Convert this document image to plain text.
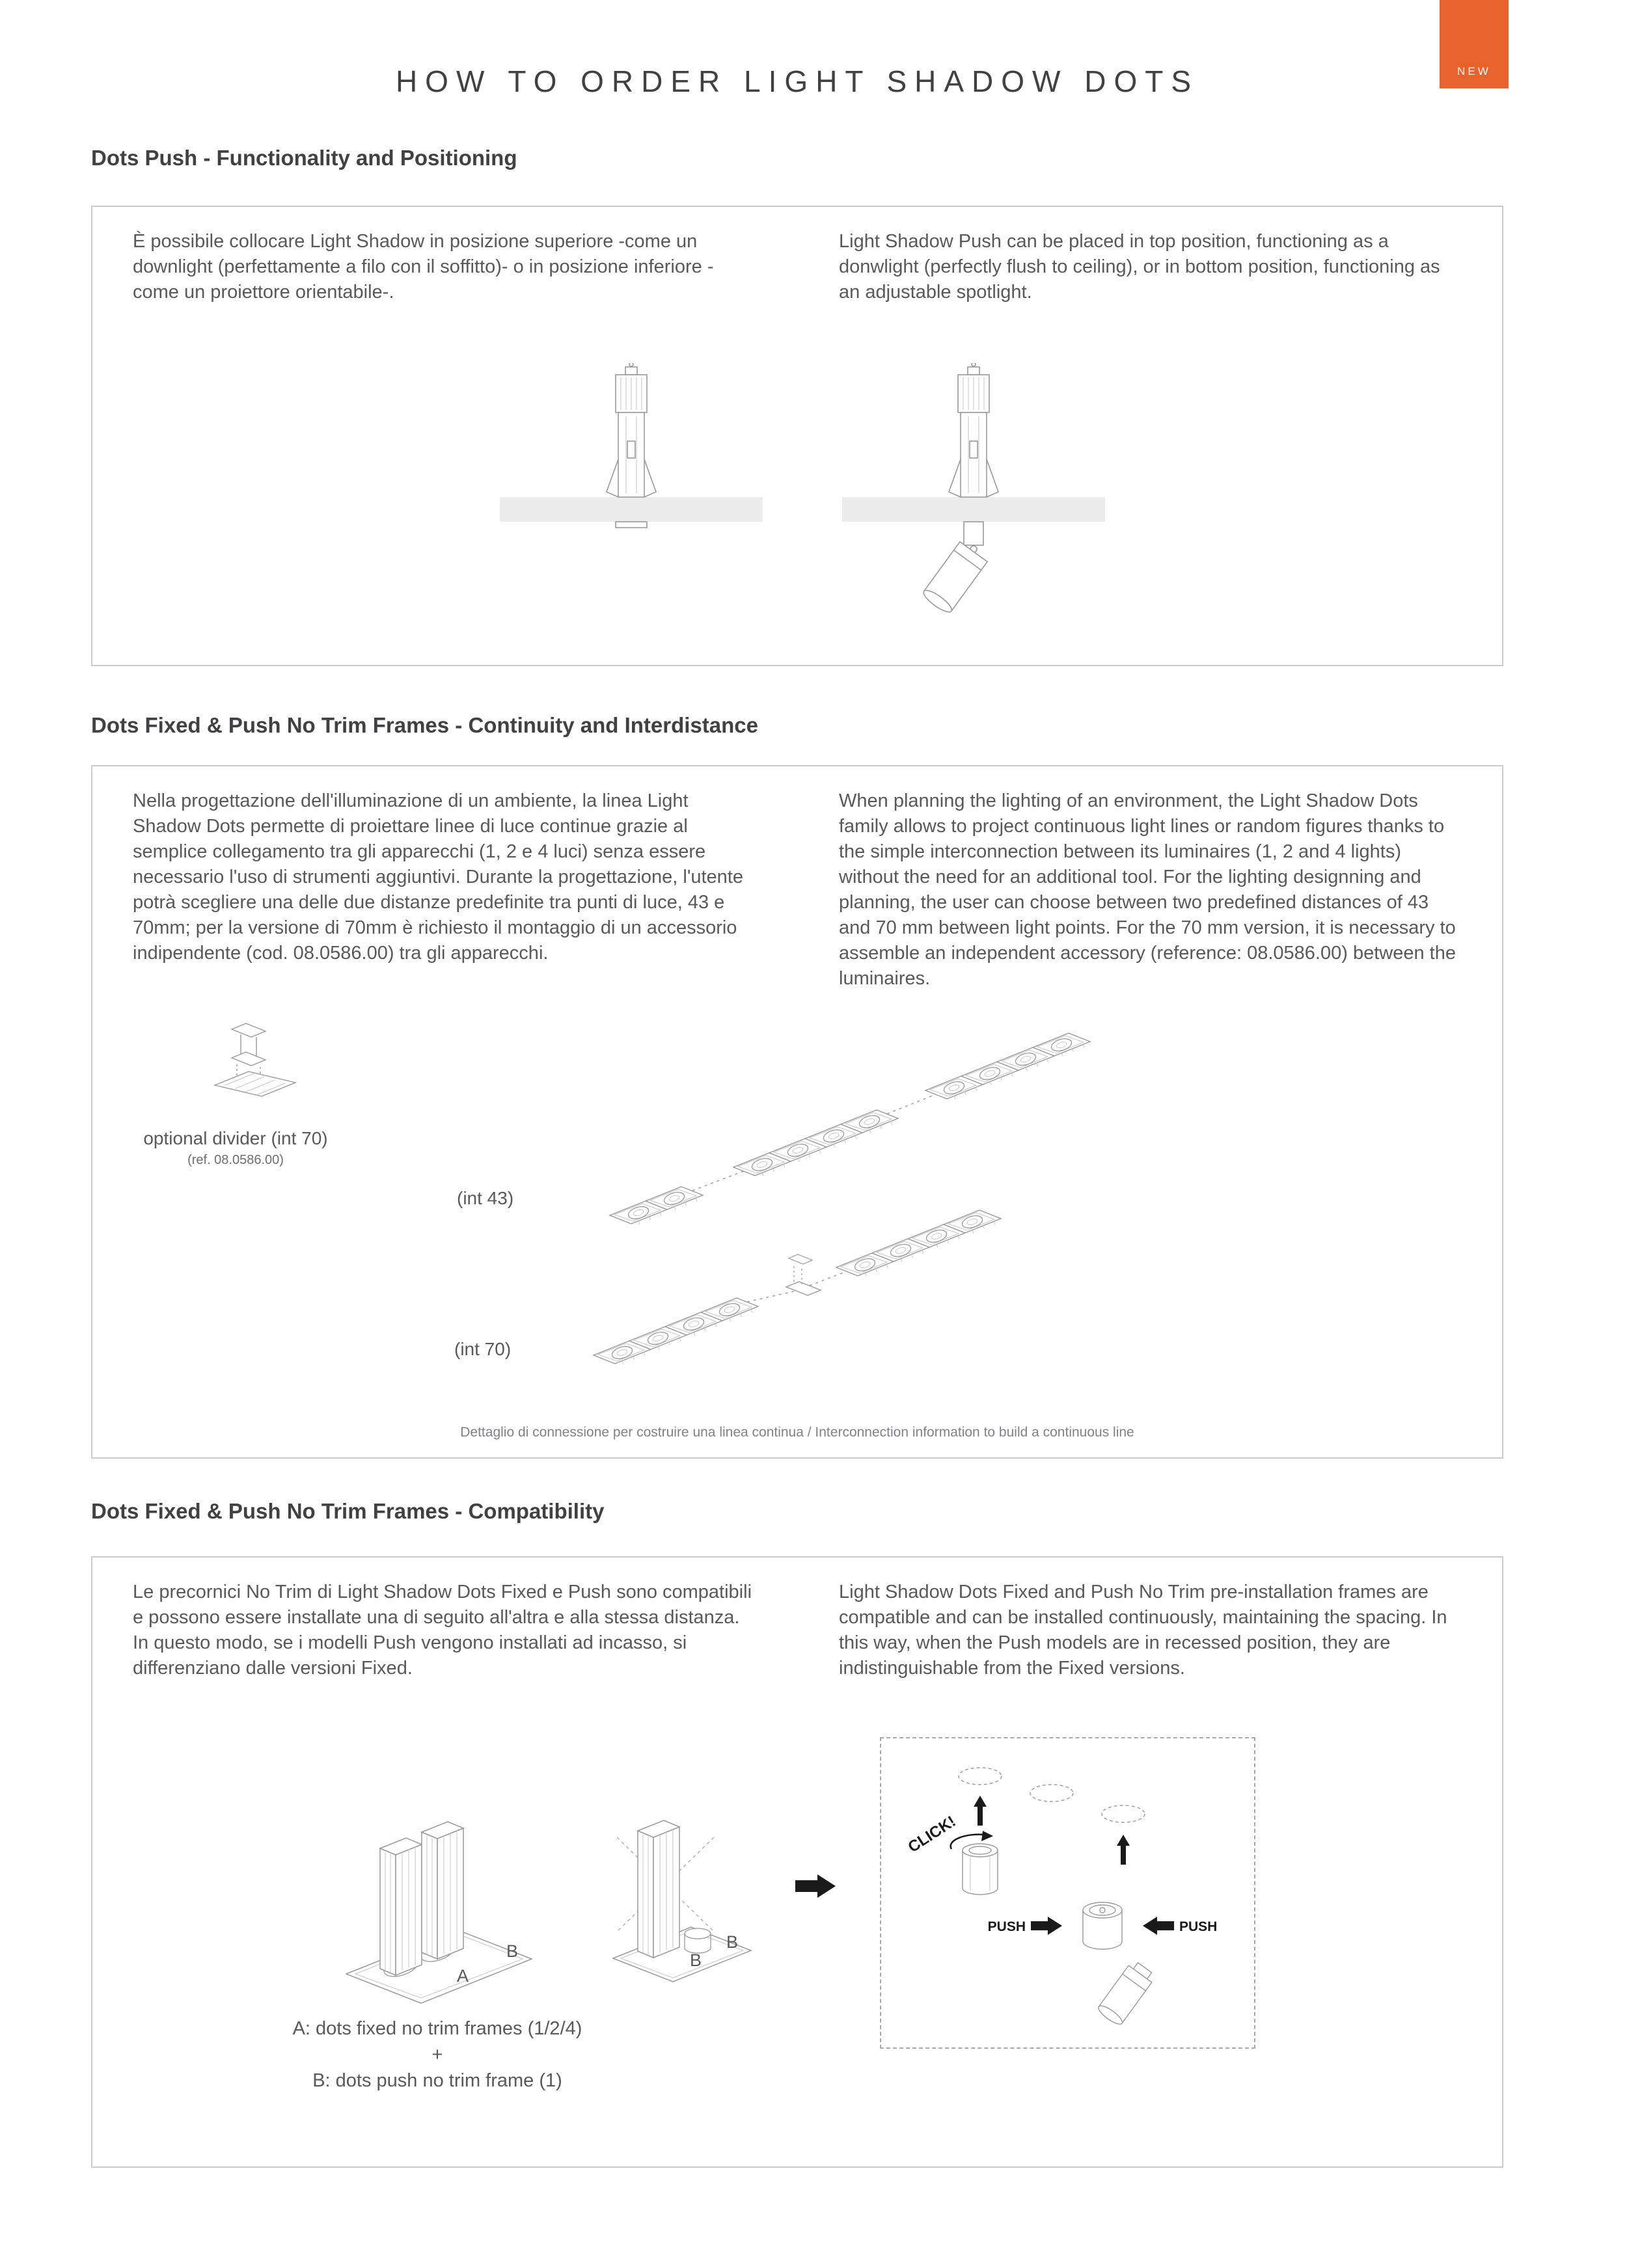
NEW
HOW TO ORDER LIGHT SHADOW DOTS
Dots Push - Functionality and Positioning

È possibile collocare Light Shadow in posizione superiore -come un downlight (perfettamente a filo con il soffitto)- o in posizione inferiore -come un proiettore orientabile-.

Light Shadow Push can be placed in top position, functioning as a donwlight (perfectly flush to ceiling), or in bottom position, functioning as an adjustable spotlight.

Dots Fixed & Push No Trim Frames - Continuity and Interdistance

Nella progettazione dell'illuminazione di un ambiente, la linea Light Shadow Dots permette di proiettare linee di luce continue grazie al semplice collegamento tra gli apparecchi (1, 2 e 4 luci) senza essere necessario l'uso di strumenti aggiuntivi. Durante la progettazione, l'utente potrà scegliere una delle due distanze predefinite tra punti di luce, 43 e 70mm; per la versione di 70mm è richiesto il montaggio di un accessorio indipendente (cod. 08.0586.00) tra gli apparecchi.

When planning the lighting of an environment, the Light Shadow Dots family allows to project continuous light lines or random figures thanks to the simple interconnection between its luminaires (1, 2 and 4 lights) without the need for an additional tool. For the lighting designning and planning, the user can choose between two predefined distances of 43 and 70 mm between light points. For the 70 mm version, it is necessary to assemble an independent accessory (reference: 08.0586.00) between the luminaires.

optional divider (int 70)
(ref. 08.0586.00)
(int 43)
(int 70)
Dettaglio di connessione per costruire una linea continua / Interconnection information to build a continuous line
Dots Fixed & Push No Trim Frames - Compatibility

Le precornici No Trim di Light Shadow Dots Fixed e Push sono compatibili e possono essere installate una di seguito all'altra e alla stessa distanza. In questo modo, se i modelli Push vengono installati ad incasso, si differenziano dalle versioni Fixed.

Light Shadow Dots Fixed and Push No Trim pre-installation frames are compatible and can be installed continuously, maintaining the spacing. In this way, when the Push models are in recessed position, they are indistinguishable from the Fixed versions.

B
A
B
B
CLICK!
PUSH	PUSH
A: dots fixed no trim frames (1/2/4)
+
B: dots push no trim frame (1)
